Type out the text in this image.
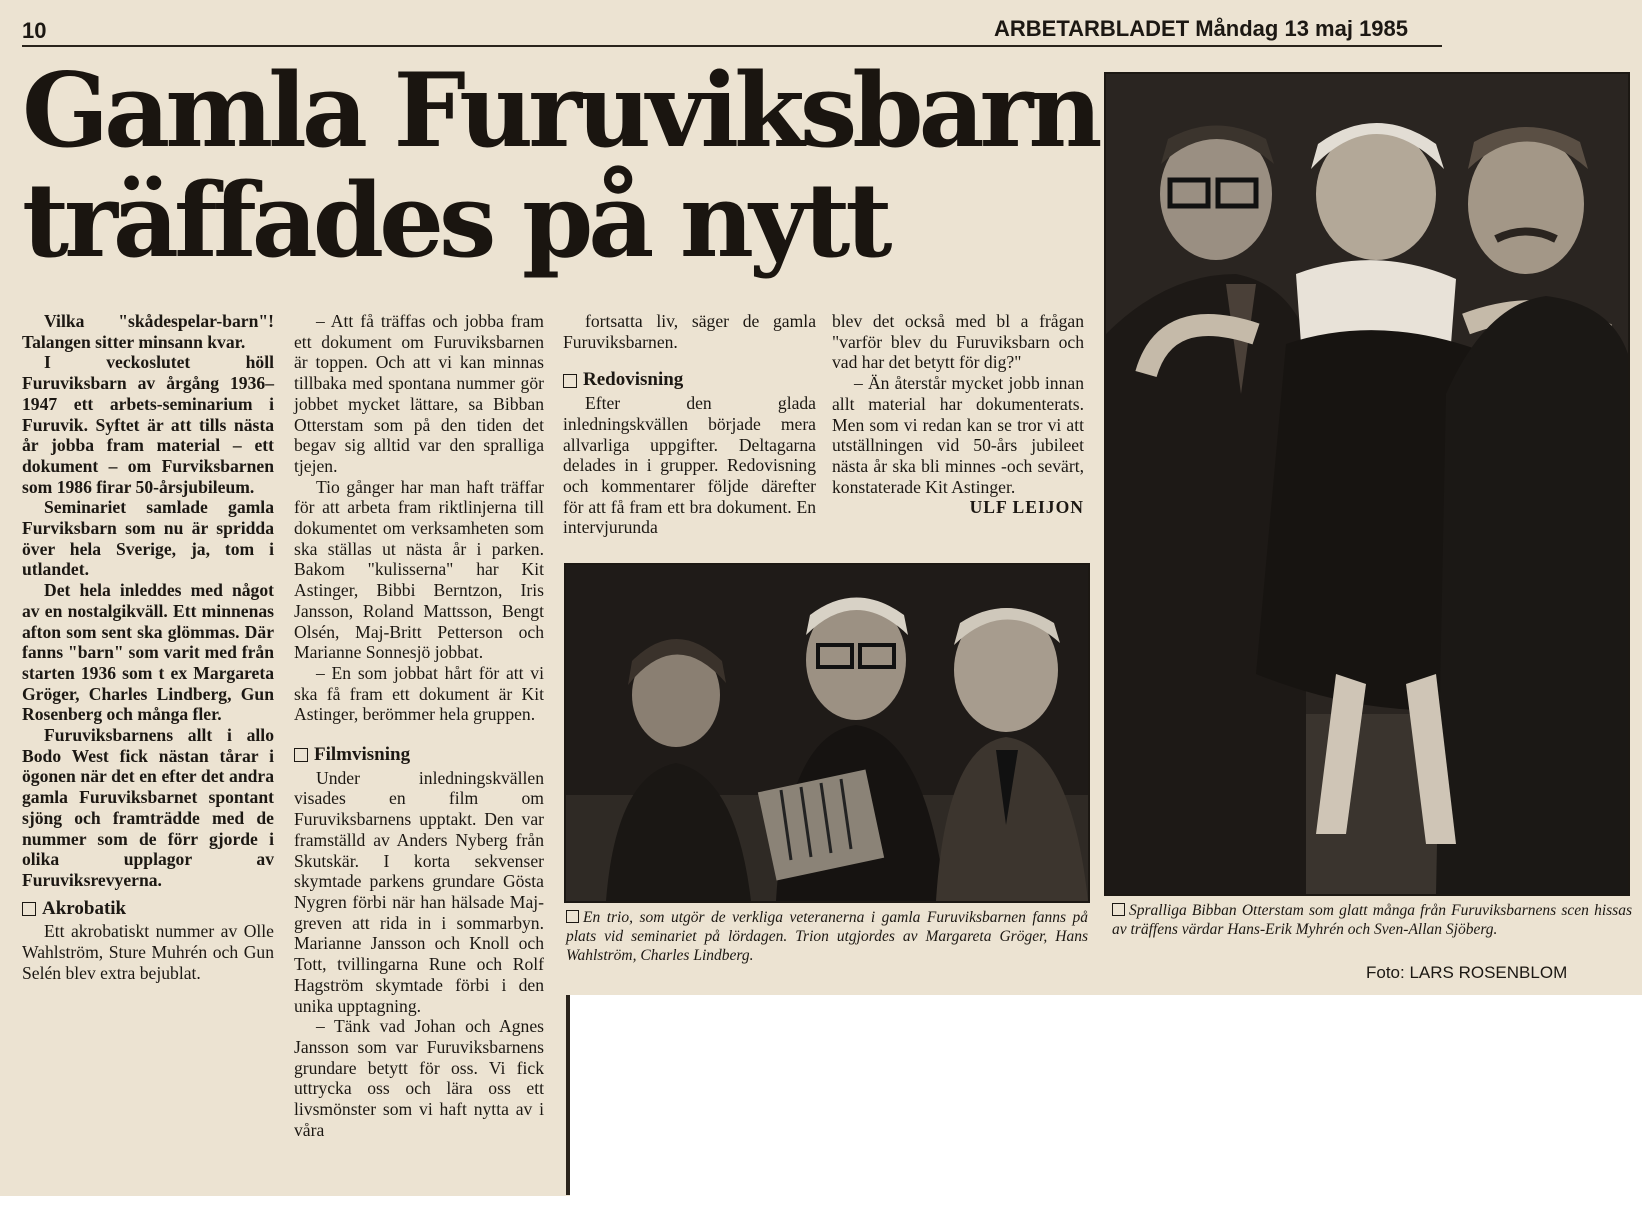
10	ARBETARBLADET Måndag 13 maj 1985
Gamla Furuviksbarn
träffades på nytt

Vilka "skådespelar-barn"! Talangen sitter minsann kvar.

I veckoslutet höll Furuviksbarn av årgång 1936–1947 ett arbets-seminarium i Furuvik. Syftet är att tills nästa år jobba fram material – ett dokument – om Furviksbarnen som 1986 firar 50-årsjubileum.

Seminariet samlade gamla Furviksbarn som nu är spridda över hela Sverige, ja, tom i utlandet.

Det hela inleddes med något av en nostalgikväll. Ett minnenas afton som sent ska glömmas. Där fanns "barn" som varit med från starten 1936 som t ex Margareta Gröger, Charles Lindberg, Gun Rosenberg och många fler.

Furuviksbarnens allt i allo Bodo West fick nästan tårar i ögonen när det en efter det andra gamla Furuviksbarnet spontant sjöng och framträdde med de nummer som de förr gjorde i olika upplagor av Furuviksrevyerna.

Akrobatik

Ett akrobatiskt nummer av Olle Wahlström, Sture Muhrén och Gun Selén blev extra bejublat.

– Att få träffas och jobba fram ett dokument om Furuviksbarnen är toppen. Och att vi kan minnas tillbaka med spontana nummer gör jobbet mycket lättare, sa Bibban Otterstam som på den tiden det begav sig alltid var den spralliga tjejen.

Tio gånger har man haft träffar för att arbeta fram riktlinjerna till dokumentet om verksamheten som ska ställas ut nästa år i parken. Bakom "kulisserna" har Kit Astinger, Bibbi Berntzon, Iris Jansson, Roland Mattsson, Bengt Olsén, Maj-Britt Petterson och Marianne Sonnesjö jobbat.

– En som jobbat hårt för att vi ska få fram ett dokument är Kit Astinger, berömmer hela gruppen.

Filmvisning

Under inledningskvällen visades en film om Furuviksbarnens upptakt. Den var framställd av Anders Nyberg från Skutskär. I korta sekvenser skymtade parkens grundare Gösta Nygren förbi när han hälsade Maj-greven att rida in i sommarbyn. Marianne Jansson och Knoll och Tott, tvillingarna Rune och Rolf Hagström skymtade förbi i den unika upptagning.

– Tänk vad Johan och Agnes Jansson som var Furuviksbarnens grundare betytt för oss. Vi fick uttrycka oss och lära oss ett livsmönster som vi haft nytta av i våra

fortsatta liv, säger de gamla Furuviksbarnen.

Redovisning

Efter den glada inledningskvällen började mera allvarliga uppgifter. Deltagarna delades in i grupper. Redovisning och kommentarer följde därefter för att få fram ett bra dokument. En intervjurunda

blev det också med bl a frågan "varför blev du Furuviksbarn och vad har det betytt för dig?"

– Än återstår mycket jobb innan allt material har dokumenterats. Men som vi redan kan se tror vi att utställningen vid 50-års jubileet nästa år ska bli minnes -och sevärt, konstaterade Kit Astinger.

ULF LEIJON

En trio, som utgör de verkliga veteranerna i gamla Furuviksbarnen fanns på plats vid seminariet på lördagen. Trion utgjordes av Margareta Gröger, Hans Wahlström, Charles Lindberg.

Spralliga Bibban Otterstam som glatt många från Furuviksbarnens scen hissas av träffens värdar Hans-Erik Myhrén och Sven-Allan Sjöberg.

Foto: LARS ROSENBLOM
